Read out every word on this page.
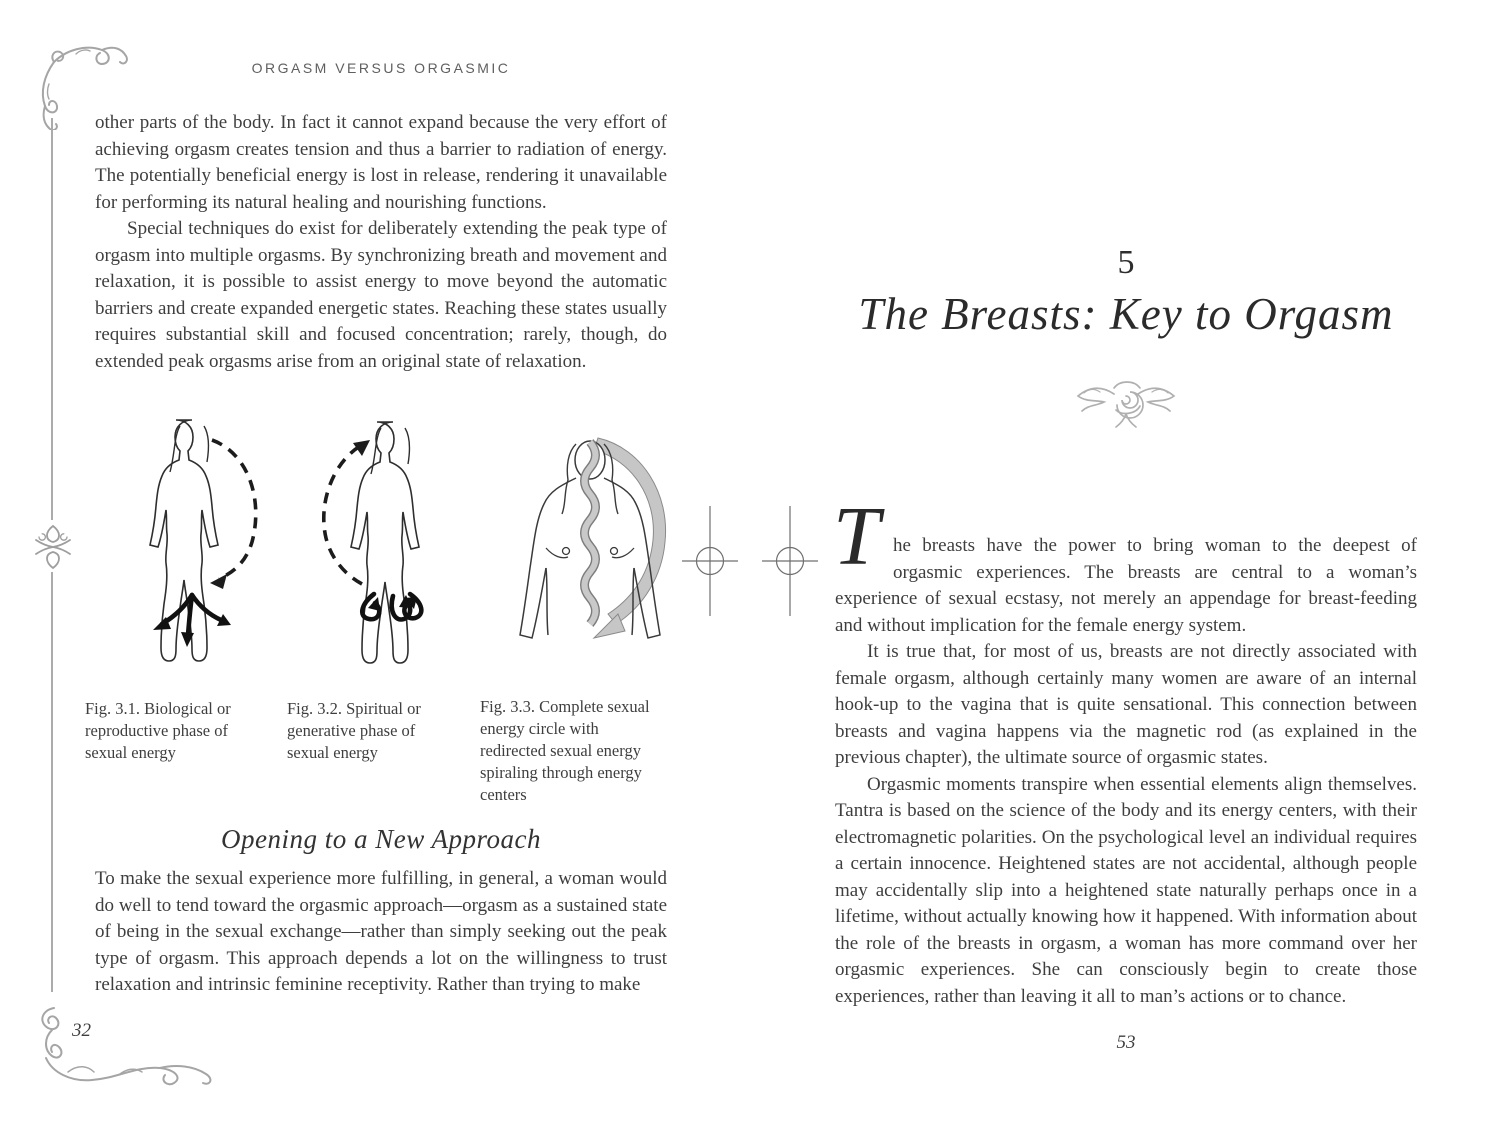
ORGASM VERSUS ORGASMIC

other parts of the body. In fact it cannot expand because the very effort of achieving orgasm creates tension and thus a barrier to radiation of energy. The potentially beneficial energy is lost in release, rendering it unavailable for performing its natural healing and nourishing functions.

Special techniques do exist for deliberately extending the peak type of orgasm into multiple orgasms. By synchronizing breath and movement and relaxation, it is possible to assist energy to move beyond the automatic barriers and create expanded energetic states. Reaching these states usually requires substantial skill and focused concentration; rarely, though, do extended peak orgasms arise from an original state of relaxation.

Fig. 3.1. Biological or reproductive phase of sexual energy
Fig. 3.2. Spiritual or generative phase of sexual energy
Fig. 3.3. Complete sexual energy circle with redirected sexual energy spiraling through energy centers
Opening to a New Approach

To make the sexual experience more fulfilling, in general, a woman would do well to tend toward the orgasmic approach—orgasm as a sustained state of being in the sexual exchange—rather than simply seeking out the peak type of orgasm. This approach depends a lot on the willingness to trust relaxation and intrinsic feminine receptivity. Rather than trying to make

32
5
The Breasts: Key to Orgasm

T he breasts have the power to bring woman to the deepest of orgasmic experiences. The breasts are central to a woman’s experience of sexual ecstasy, not merely an appendage for breast-feeding and without implication for the female energy system.

It is true that, for most of us, breasts are not directly associated with female orgasm, although certainly many women are aware of an internal hook-up to the vagina that is quite sensational. This connection between breasts and vagina happens via the magnetic rod (as explained in the previous chapter), the ultimate source of orgasmic states.

Orgasmic moments transpire when essential elements align themselves. Tantra is based on the science of the body and its energy centers, with their electromagnetic polarities. On the psychological level an individual requires a certain innocence. Heightened states are not accidental, although people may accidentally slip into a heightened state naturally perhaps once in a lifetime, without actually knowing how it happened. With information about the role of the breasts in orgasm, a woman has more command over her orgasmic experiences. She can consciously begin to create those experiences, rather than leaving it all to man’s actions or to chance.

53
